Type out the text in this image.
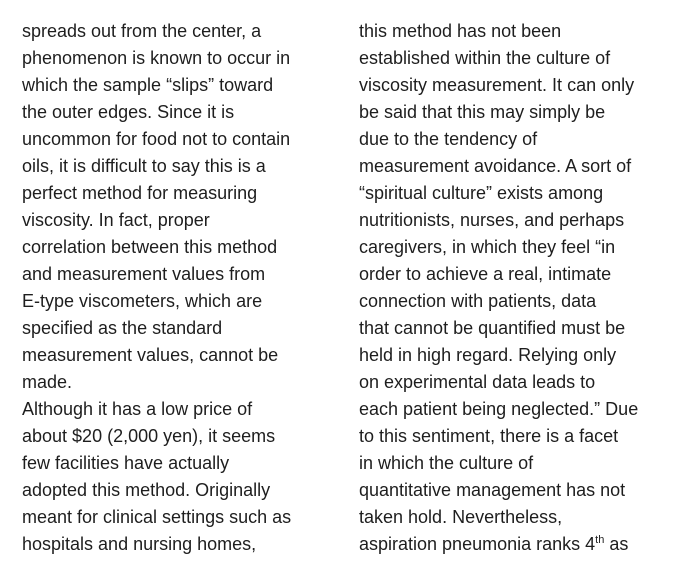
spreads out from the center, a
phenomenon is known to occur in
which the sample “slips” toward
the outer edges. Since it is
uncommon for food not to contain
oils, it is difficult to say this is a
perfect method for measuring
viscosity. In fact, proper
correlation between this method
and measurement values from
E-type viscometers, which are
specified as the standard
measurement values, cannot be
made.
Although it has a low price of
about $20 (2,000 yen), it seems
few facilities have actually
adopted this method. Originally
meant for clinical settings such as
hospitals and nursing homes,
this method has not been
established within the culture of
viscosity measurement. It can only
be said that this may simply be
due to the tendency of
measurement avoidance. A sort of
“spiritual culture” exists among
nutritionists, nurses, and perhaps
caregivers, in which they feel “in
order to achieve a real, intimate
connection with patients, data
that cannot be quantified must be
held in high regard. Relying only
on experimental data leads to
each patient being neglected.” Due
to this sentiment, there is a facet
in which the culture of
quantitative management has not
taken hold. Nevertheless,
aspiration pneumonia ranks 4th as
